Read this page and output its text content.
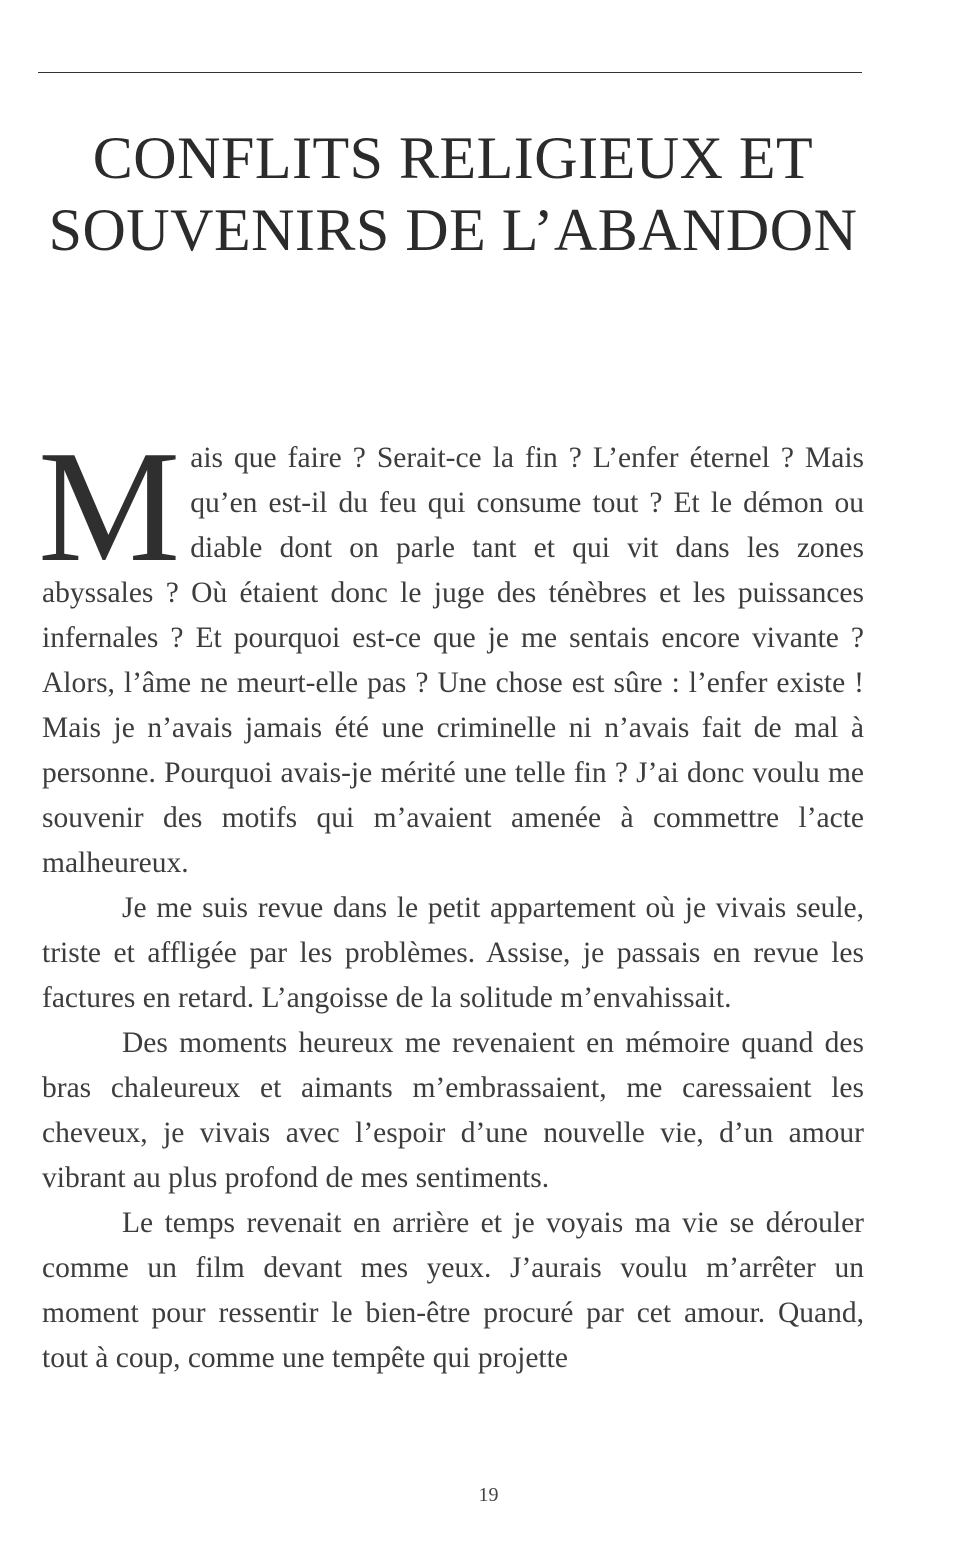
CONFLITS RELIGIEUX ET
SOUVENIRS DE L’ABANDON

Mais que faire ? Serait-ce la fin ? L’enfer éternel ? Mais qu’en est-il du feu qui consume tout ? Et le démon ou diable dont on parle tant et qui vit dans les zones abyssales ? Où étaient donc le juge des ténèbres et les puissances infernales ? Et pourquoi est-ce que je me sentais encore vivante ? Alors, l’âme ne meurt-elle pas ? Une chose est sûre : l’enfer existe ! Mais je n’avais jamais été une criminelle ni n’avais fait de mal à personne. Pourquoi avais-je mérité une telle fin ? J’ai donc voulu me souvenir des motifs qui m’avaient amenée à commettre l’acte malheureux.

Je me suis revue dans le petit appartement où je vivais seule, triste et affligée par les problèmes. Assise, je passais en revue les factures en retard. L’angoisse de la solitude m’envahissait.

Des moments heureux me revenaient en mémoire quand des bras chaleureux et aimants m’embrassaient, me caressaient les cheveux, je vivais avec l’espoir d’une nouvelle vie, d’un amour vibrant au plus profond de mes sentiments.

Le temps revenait en arrière et je voyais ma vie se dérouler comme un film devant mes yeux. J’aurais voulu m’arrêter un moment pour ressentir le bien-être procuré par cet amour. Quand, tout à coup, comme une tempête qui projette

19
